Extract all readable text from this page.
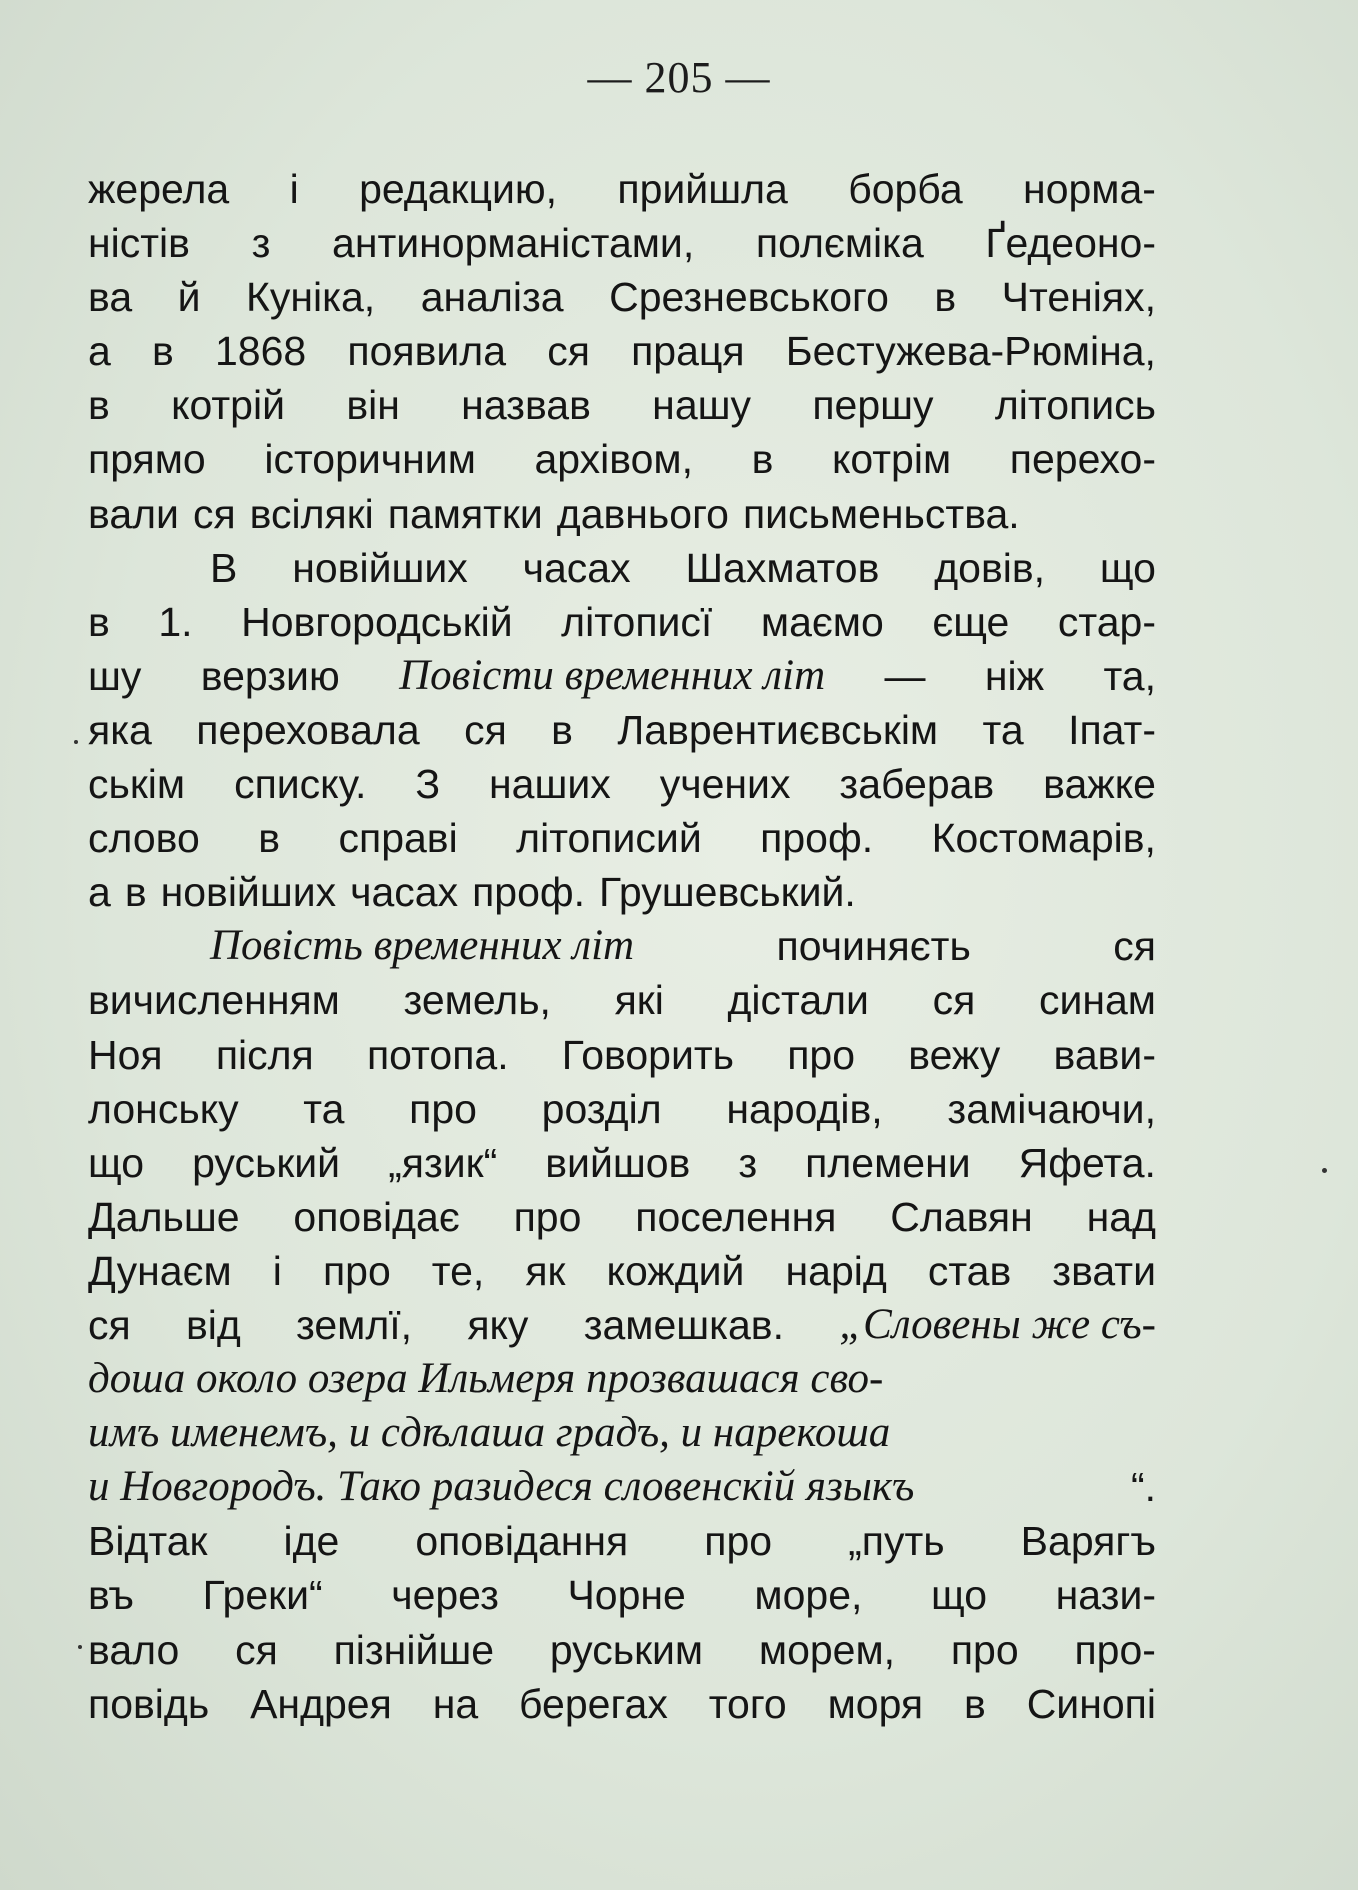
— 205 —
жерела і редакцию, прийшла борба норма-
ністів з антинорманістами, полєміка Ґедеоно-
ва й Куніка, аналіза Срезневського в Чтеніях,
а в 1868 появила ся праця Бестужева-Рюміна,
в котрій він назвав нашу першу літопись
прямо історичним архівом, в котрім перехо-
вали ся всілякі памятки давнього письменьства.
В новійших часах Шахматов довів, що
в 1. Новгородській літописї маємо єще стар-
шу верзию Повісти временних літ — ніж та,
яка переховала ся в Лаврентиєвськім та Іпат-
ськім списку. З наших учених заберав важке
слово в справі літописий проф. Костомарів,
а в новійших часах проф. Грушевський.
Повість временних літ	починяєть	ся
вичисленням земель, які дістали ся синам
Ноя після потопа. Говорить про вежу вави-
лонську та про розділ народів, замічаючи,
що руський „язик“ вийшов з племени Яфета.
Дальше оповідає про поселення Славян над
Дунаєм і про те, як кождий нарід став звати
ся від землї, яку замешкав. „Словены же съ-
доша около озера Ильмеря прозвашася сво-
имъ именемъ, и сдѣлаша градъ, и нарекоша
и Новгородъ. Тако разидеся словенскій языкъ	“.
Відтак іде оповідання про „путь Варягъ
въ Греки“ через Чорне море, що нази-
вало ся пізнійше руським морем, про про-
повідь Андрея на берегах того моря в Синопі
